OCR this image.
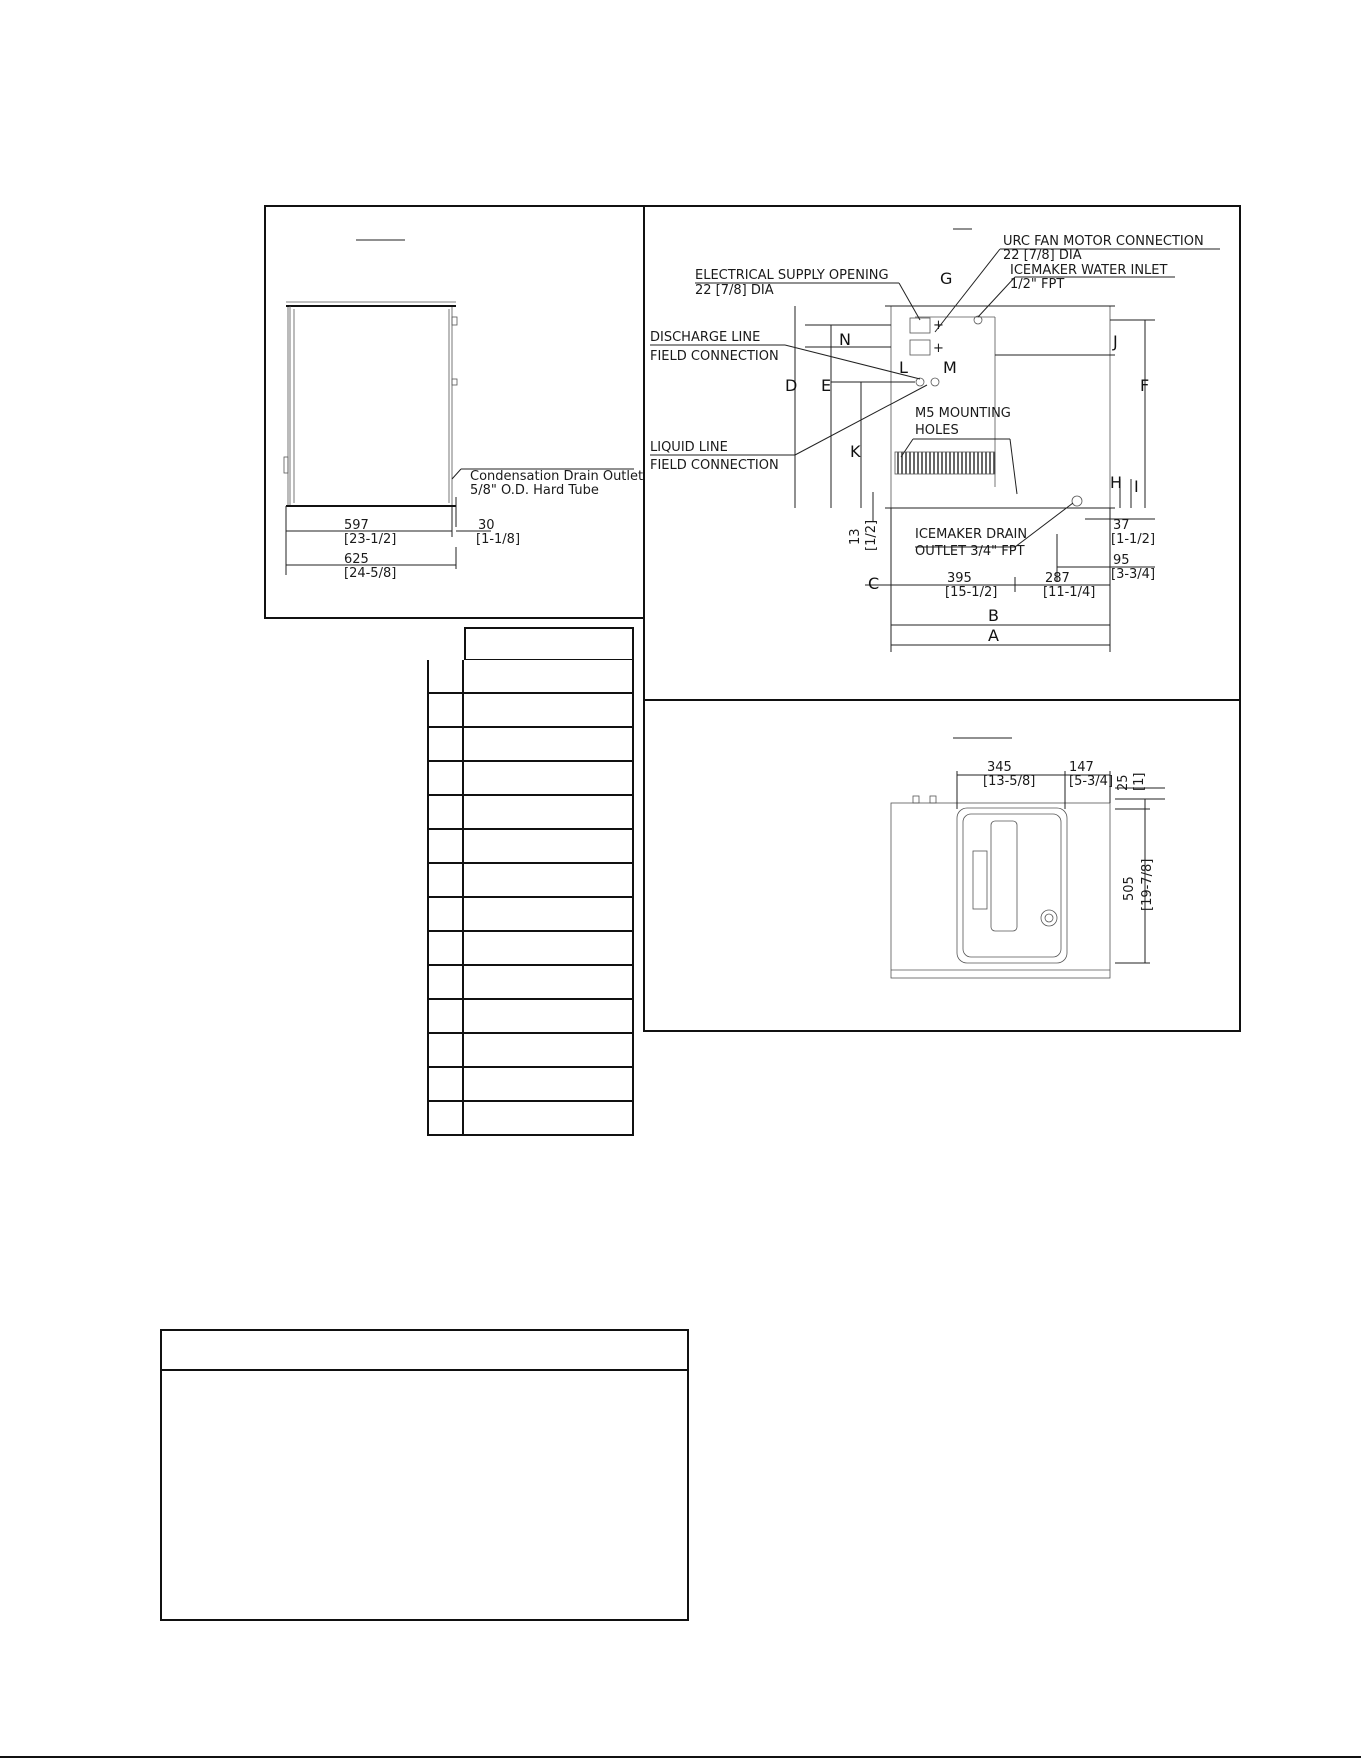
597
[23-1/2]
30
[1-1/8]
625
[24-5/8]
Condensation Drain Outlet
5/8" O.D. Hard Tube
+
+
ELECTRICAL SUPPLY OPENING
22 [7/8] DIA
URC FAN MOTOR CONNECTION
22 [7/8] DIA
ICEMAKER WATER INLET
1/2" FPT
DISCHARGE LINE
FIELD CONNECTION
M5 MOUNTING
HOLES
LIQUID LINE
FIELD CONNECTION
ICEMAKER DRAIN
OUTLET 3/4" FPT
G
N
L M
D E
K
J
F
H I
C
B
A
13 [1/2]	37
[1-1/2]
95
[3-3/4]
395
[15-1/2]
287
[11-1/4]
345
[13-5/8]
147
[5-3/4] 25 [1]
505 [19-7/8]
